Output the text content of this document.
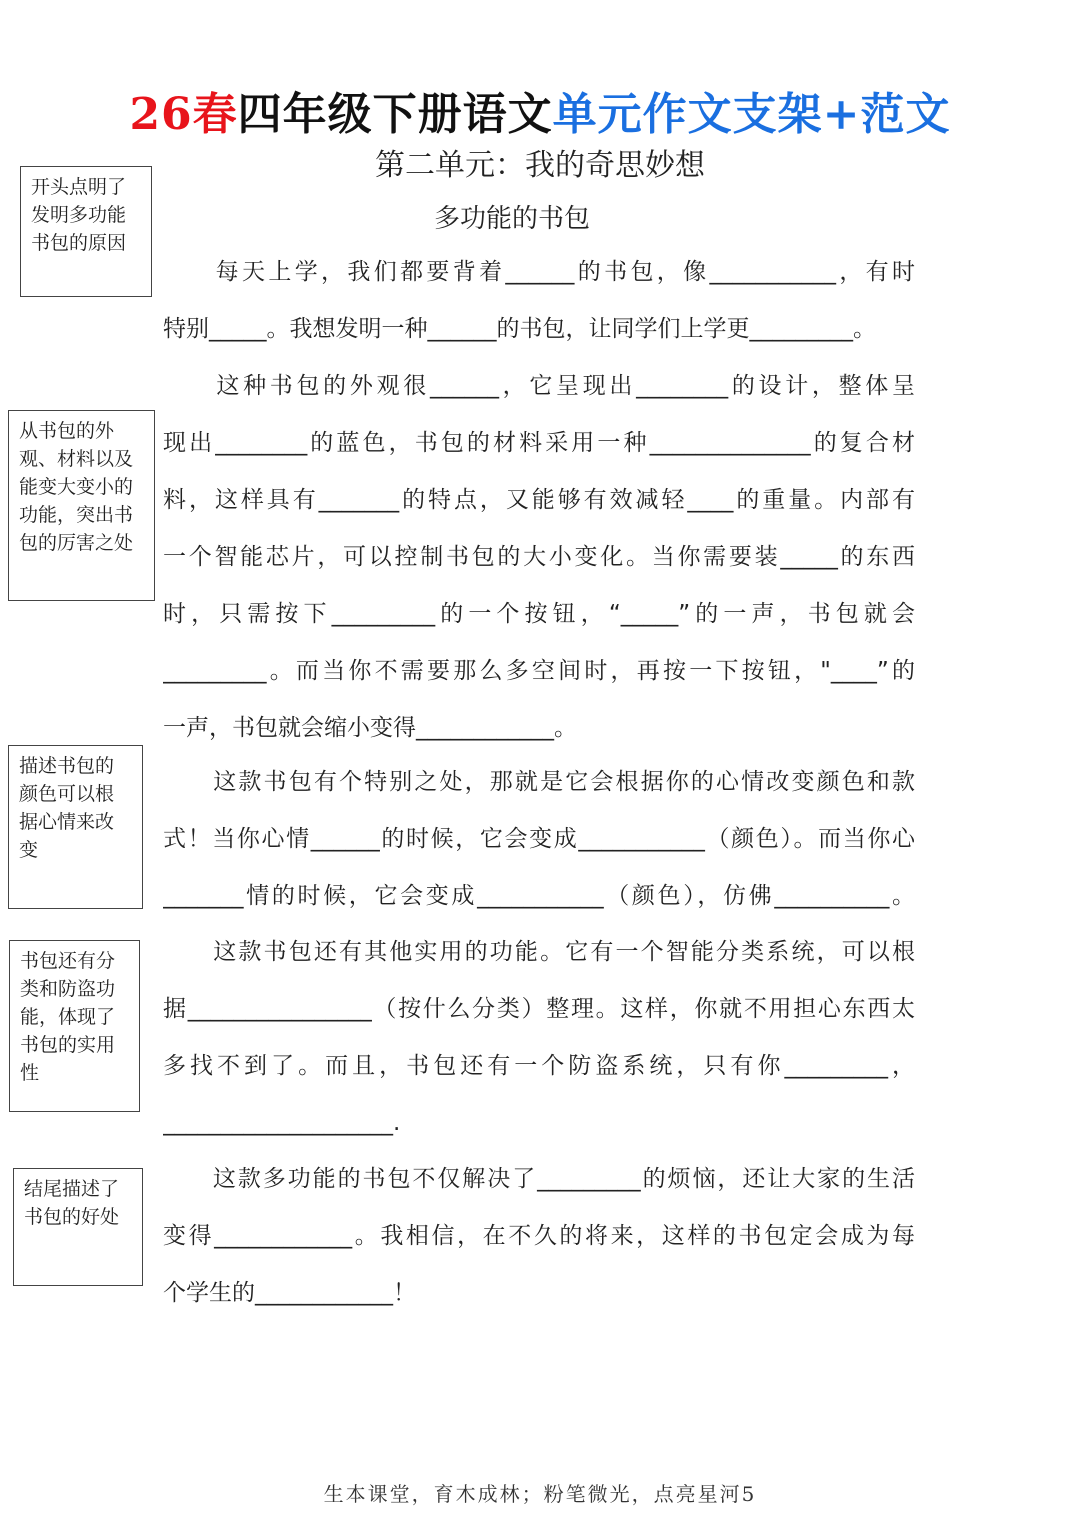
26春四年级下册语文单元作文支架+范文
第二单元：我的奇思妙想
多功能的书包
开头点明了发明多功能书包的原因
从书包的外观、材料以及能变大变小的功能，突出书包的厉害之处
描述书包的颜色可以根据心情来改变
书包还有分类和防盗功能，体现了书包的实用性
结尾描述了书包的好处
　　每天上学，我们都要背着______的书包，像___________，有时
特别_____。我想发明一种______的书包，让同学们上学更_________。
　　这种书包的外观很______，它呈现出________的设计，整体呈
现出________的蓝色，书包的材料采用一种______________的复合材
料，这样具有_______的特点，又能够有效减轻____的重量。内部有
一个智能芯片，可以控制书包的大小变化。当你需要装_____的东西
时，只需按下_________的一个按钮，“_____”的一声，书包就会
_________。而当你不需要那么多空间时，再按一下按钮，"____”的
一声，书包就会缩小变得____________。
　　这款书包有个特别之处，那就是它会根据你的心情改变颜色和款
式！当你心情______的时候，它会变成___________（颜色）。而当你心
_______情的时候，它会变成___________（颜色），仿佛__________。
　　这款书包还有其他实用的功能。它有一个智能分类系统，可以根
据________________（按什么分类）整理。这样，你就不用担心东西太
多找不到了。而且，书包还有一个防盗系统，只有你_________，
____________________.
　　这款多功能的书包不仅解决了_________的烦恼，还让大家的生活
变得____________。我相信，在不久的将来，这样的书包定会成为每
个学生的____________！
生本课堂，育木成林；粉笔微光，点亮星河5
